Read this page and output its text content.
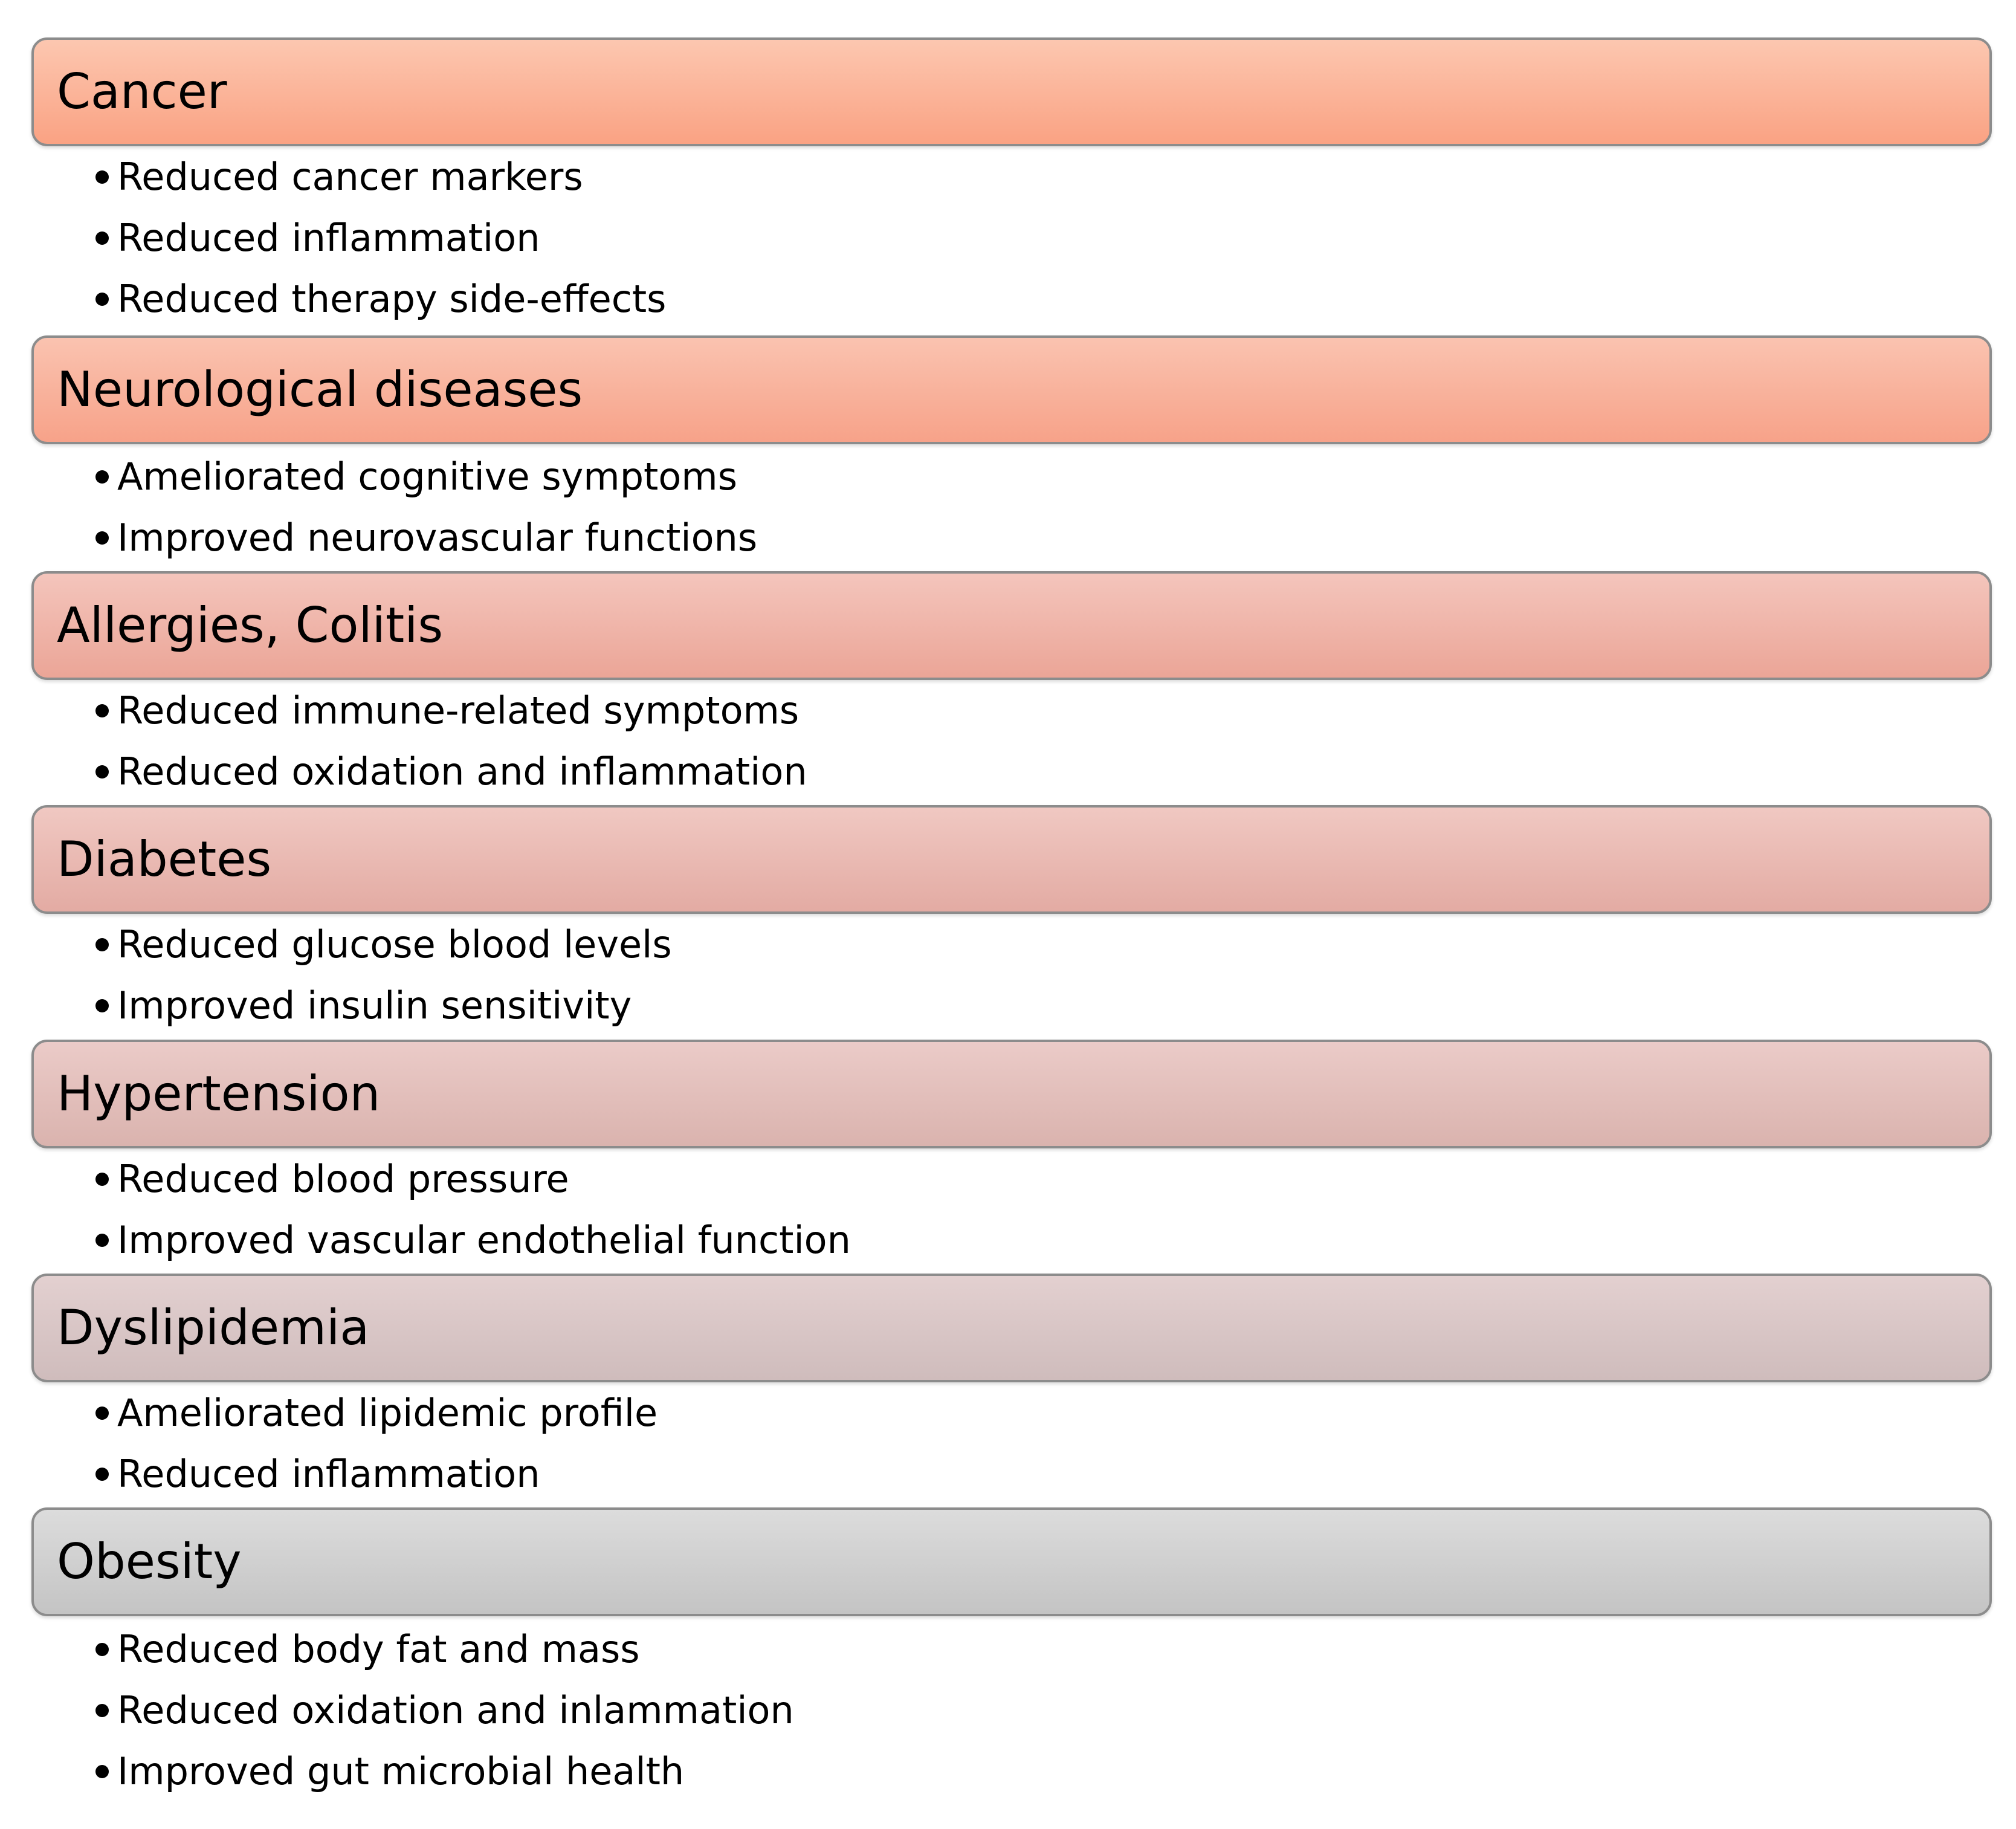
Cancer
Reduced cancer markers
Reduced inflammation
Reduced therapy side-effects
Neurological diseases
Ameliorated cognitive symptoms
Improved neurovascular functions
Allergies, Colitis
Reduced immune-related symptoms
Reduced oxidation and inflammation
Diabetes
Reduced glucose blood levels
Improved insulin sensitivity
Hypertension
Reduced blood pressure
Improved vascular endothelial function
Dyslipidemia
Ameliorated lipidemic profile
Reduced inflammation
Obesity
Reduced body fat and mass
Reduced oxidation and inlammation
Improved gut microbial health
